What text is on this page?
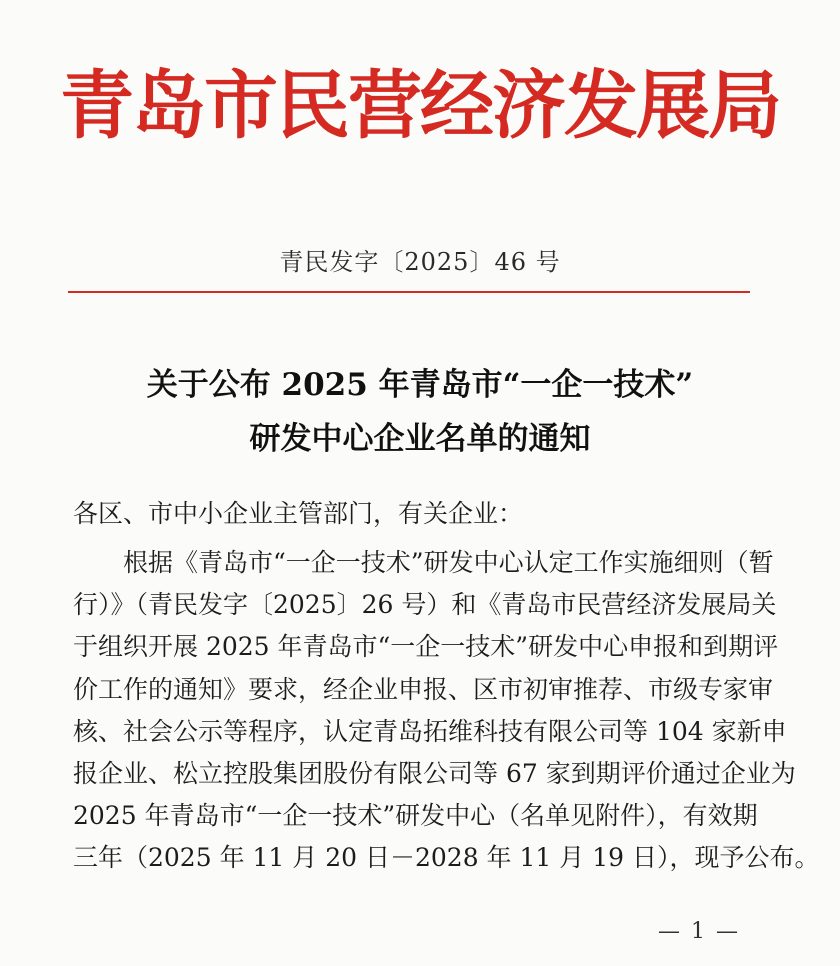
青岛市民营经济发展局
青民发字〔2025〕46 号
关于公布 2025 年青岛市“一企一技术”
研发中心企业名单的通知
各区、市中小企业主管部门，有关企业：
根据《青岛市“一企一技术”研发中心认定工作实施细则（暂
行）》（青民发字〔2025〕26 号）和《青岛市民营经济发展局关
于组织开展 2025 年青岛市“一企一技术”研发中心申报和到期评
价工作的通知》要求，经企业申报、区市初审推荐、市级专家审
核、社会公示等程序，认定青岛拓维科技有限公司等 104 家新申
报企业、松立控股集团股份有限公司等 67 家到期评价通过企业为
2025 年青岛市“一企一技术”研发中心（名单见附件），有效期
三年（2025 年 11 月 20 日－2028 年 11 月 19 日），现予公布。
— 1 —
